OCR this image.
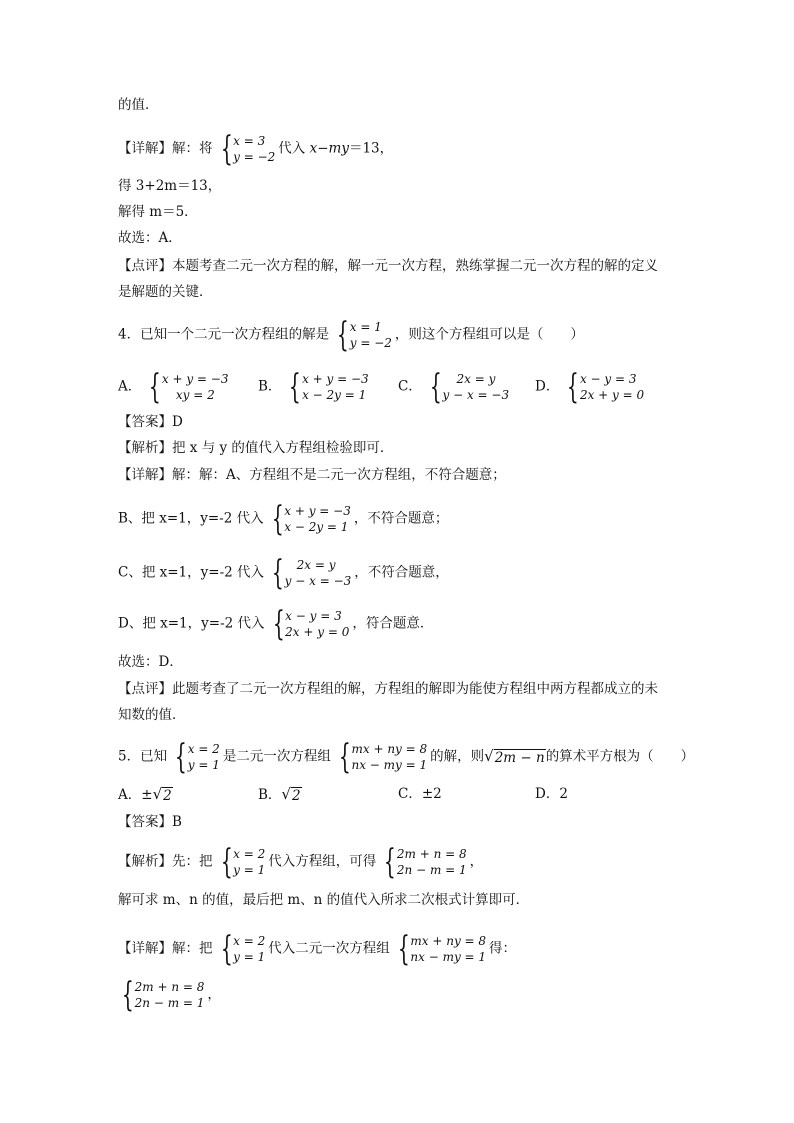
的值．
【详解】解：将 { x = 3
y = −2
代入 x−my＝13，
得 3+2m＝13，
解得 m＝5．
故选：A．
【点评】本题考查二元一次方程的解，解一元一次方程，熟练掌握二元一次方程的解的定义
是解题的关键．
4．已知一个二元一次方程组的解是 { x = 1
y = −2
，则这个方程组可以是（　　）
A． { x + y = −3
xy = 2
B． { x + y = −3
x − 2y = 1
C． {	2x = y
y − x = −3
D． { x − y = 3
2x + y = 0
【答案】D
【解析】把 x 与 y 的值代入方程组检验即可．
【详解】解：解：A、方程组不是二元一次方程组，不符合题意；
B、把 x=1，y=-2 代入 { x + y = −3
x − 2y = 1
，不符合题意；
C、把 x=1，y=-2 代入 {	2x = y
y − x = −3
，不符合题意，
D、把 x=1，y=-2 代入 { x − y = 3
2x + y = 0
，符合题意．
故选：D．
【点评】此题考查了二元一次方程组的解，方程组的解即为能使方程组中两方程都成立的未
知数的值．
5．已知 { x = 2
y = 1
是二元一次方程组 { mx + ny = 8
nx − my = 1
的解，则 √ 2m − n 的算术平方根为（　　）
A．± √ 2	B． √ 2	C．±2	D．2
【答案】B
【解析】先：把 { x = 2
y = 1
代入方程组，可得 { 2m + n = 8
2n − m = 1
，
解可求 m、n 的值，最后把 m、n 的值代入所求二次根式计算即可．
【详解】解：把 { x = 2
y = 1
代入二元一次方程组 { mx + ny = 8
nx − my = 1
得：
{ 2m + n = 8
2n − m = 1
，
